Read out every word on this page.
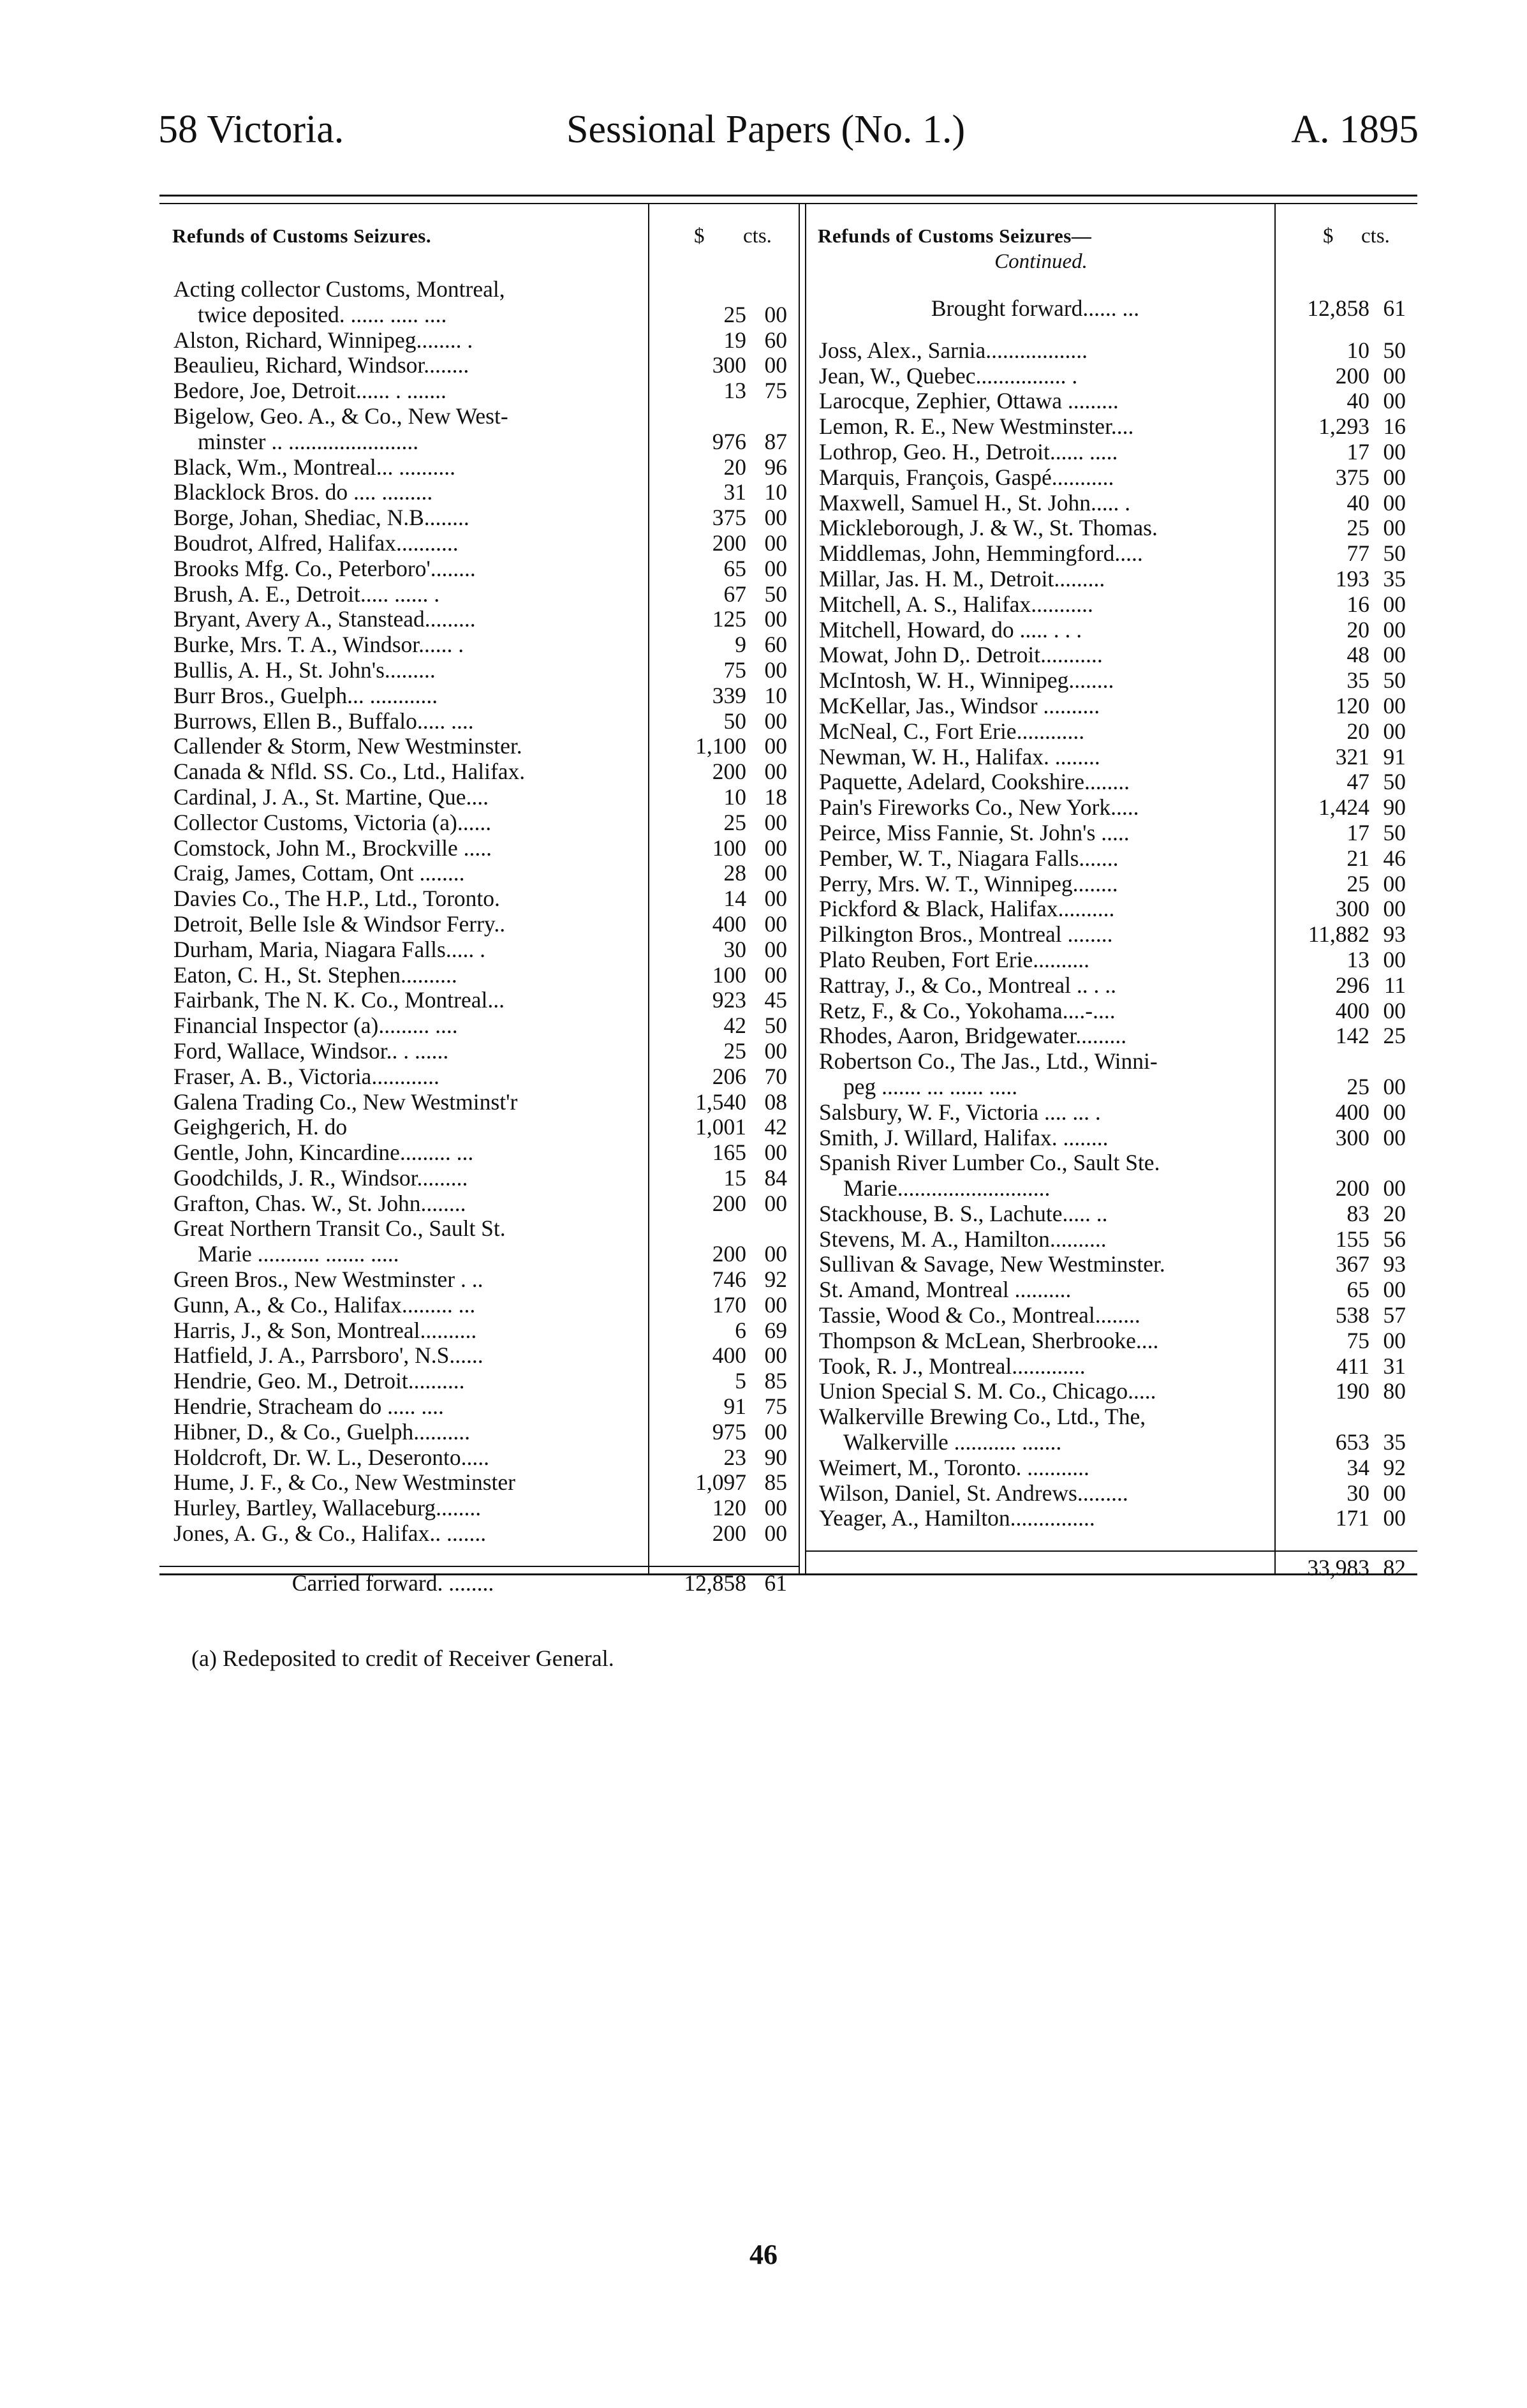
58 Victoria.	Sessional Papers (No. 1.)	A. 1895
Refunds of Customs Seizures.	$ cts.
Acting collector Customs, Montreal,
twice deposited. ...... ..... ....	25 00
Alston, Richard, Winnipeg........ .	19 60
Beaulieu, Richard, Windsor........	300 00
Bedore, Joe, Detroit...... . .......	13 75
Bigelow, Geo. A., & Co., New West-
minster .. .......................	976 87
Black, Wm., Montreal... ..........	20 96
Blacklock Bros. do .... .........	31 10
Borge, Johan, Shediac, N.B........	375 00
Boudrot, Alfred, Halifax...........	200 00
Brooks Mfg. Co., Peterboro'........	65 00
Brush, A. E., Detroit..... ...... .	67 50
Bryant, Avery A., Stanstead.........	125 00
Burke, Mrs. T. A., Windsor...... .	9 60
Bullis, A. H., St. John's.........	75 00
Burr Bros., Guelph... ............	339 10
Burrows, Ellen B., Buffalo..... ....	50 00
Callender & Storm, New Westminster.	1,100 00
Canada & Nfld. SS. Co., Ltd., Halifax.	200 00
Cardinal, J. A., St. Martine, Que....	10 18
Collector Customs, Victoria (a)......	25 00
Comstock, John M., Brockville .....	100 00
Craig, James, Cottam, Ont ........	28 00
Davies Co., The H.P., Ltd., Toronto.	14 00
Detroit, Belle Isle & Windsor Ferry..	400 00
Durham, Maria, Niagara Falls..... .	30 00
Eaton, C. H., St. Stephen..........	100 00
Fairbank, The N. K. Co., Montreal...	923 45
Financial Inspector (a)......... ....	42 50
Ford, Wallace, Windsor.. . ......	25 00
Fraser, A. B., Victoria............	206 70
Galena Trading Co., New Westminst'r	1,540 08
Geighgerich, H. do	1,001 42
Gentle, John, Kincardine......... ...	165 00
Goodchilds, J. R., Windsor.........	15 84
Grafton, Chas. W., St. John........	200 00
Great Northern Transit Co., Sault St.
Marie ........... ....... .....	200 00
Green Bros., New Westminster . ..	746 92
Gunn, A., & Co., Halifax......... ...	170 00
Harris, J., & Son, Montreal..........	6 69
Hatfield, J. A., Parrsboro', N.S......	400 00
Hendrie, Geo. M., Detroit..........	5 85
Hendrie, Stracheam do ..... ....	91 75
Hibner, D., & Co., Guelph..........	975 00
Holdcroft, Dr. W. L., Deseronto.....	23 90
Hume, J. F., & Co., New Westminster	1,097 85
Hurley, Bartley, Wallaceburg........	120 00
Jones, A. G., & Co., Halifax.. .......	200 00
Carried forward. ........	12,858 61
Refunds of Customs Seizures—
Continued.
$ cts.
Brought forward...... ...	12,858 61
Joss, Alex., Sarnia..................	10 50
Jean, W., Quebec................ .	200 00
Larocque, Zephier, Ottawa .........	40 00
Lemon, R. E., New Westminster....	1,293 16
Lothrop, Geo. H., Detroit...... .....	17 00
Marquis, François, Gaspé...........	375 00
Maxwell, Samuel H., St. John..... .	40 00
Mickleborough, J. & W., St. Thomas.	25 00
Middlemas, John, Hemmingford.....	77 50
Millar, Jas. H. M., Detroit.........	193 35
Mitchell, A. S., Halifax...........	16 00
Mitchell, Howard, do ..... . . .	20 00
Mowat, John D,. Detroit...........	48 00
McIntosh, W. H., Winnipeg........	35 50
McKellar, Jas., Windsor ..........	120 00
McNeal, C., Fort Erie............	20 00
Newman, W. H., Halifax. ........	321 91
Paquette, Adelard, Cookshire........	47 50
Pain's Fireworks Co., New York.....	1,424 90
Peirce, Miss Fannie, St. John's .....	17 50
Pember, W. T., Niagara Falls.......	21 46
Perry, Mrs. W. T., Winnipeg........	25 00
Pickford & Black, Halifax..........	300 00
Pilkington Bros., Montreal ........	11,882 93
Plato Reuben, Fort Erie..........	13 00
Rattray, J., & Co., Montreal .. . ..	296 11
Retz, F., & Co., Yokohama....-....	400 00
Rhodes, Aaron, Bridgewater.........	142 25
Robertson Co., The Jas., Ltd., Winni-
peg ....... ... ...... .....	25 00
Salsbury, W. F., Victoria .... ... .	400 00
Smith, J. Willard, Halifax. ........	300 00
Spanish River Lumber Co., Sault Ste.
Marie...........................	200 00
Stackhouse, B. S., Lachute..... ..	83 20
Stevens, M. A., Hamilton..........	155 56
Sullivan & Savage, New Westminster.	367 93
St. Amand, Montreal ..........	65 00
Tassie, Wood & Co., Montreal........	538 57
Thompson & McLean, Sherbrooke....	75 00
Took, R. J., Montreal.............	411 31
Union Special S. M. Co., Chicago.....	190 80
Walkerville Brewing Co., Ltd., The,
Walkerville ........... .......	653 35
Weimert, M., Toronto. ...........	34 92
Wilson, Daniel, St. Andrews.........	30 00
Yeager, A., Hamilton...............	171 00
33,983 82
(a) Redeposited to credit of Receiver General.
46
